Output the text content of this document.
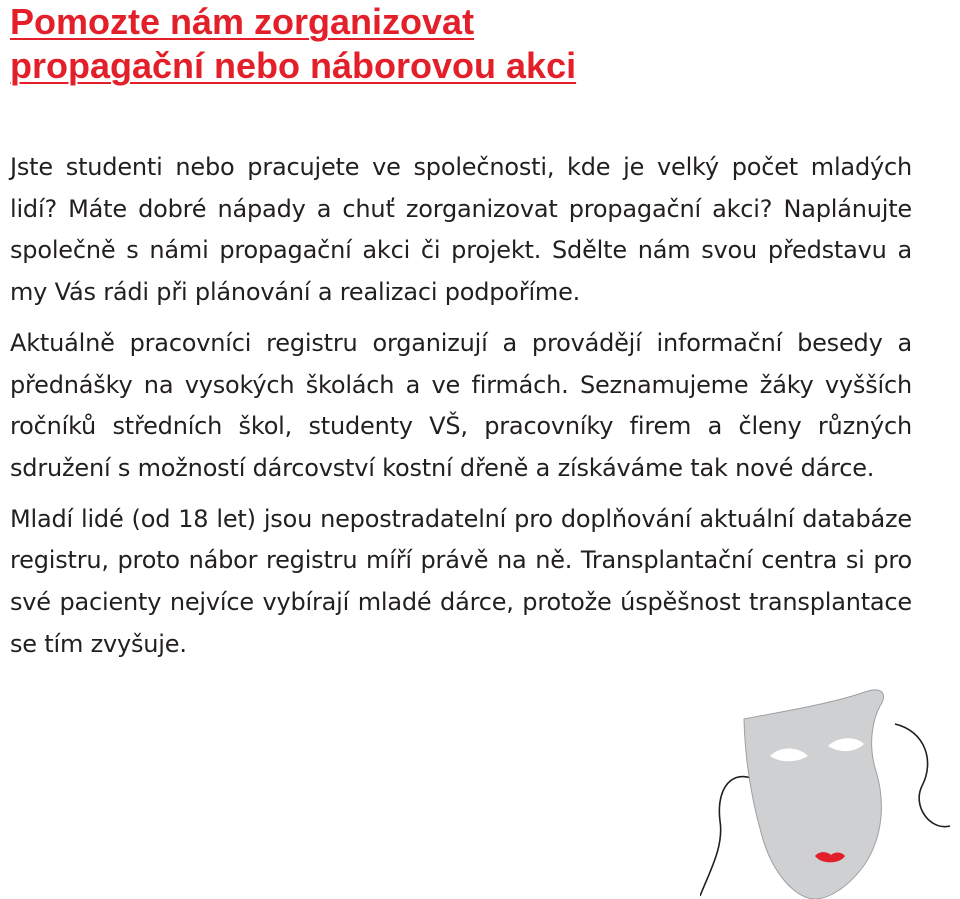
Pomozte nám zorganizovat
propagační nebo náborovou akci

Jste studenti nebo pracujete ve společnosti, kde je velký počet mladých lidí? Máte dobré nápady a chuť zorganizovat propagační akci? Naplánujte společně s námi propagační akci či projekt. Sdělte nám svou představu a my Vás rádi při plánování a realizaci podpoříme.

Aktuálně pracovníci registru organizují a provádějí informační besedy a přednášky na vysokých školách a ve firmách. Seznamujeme žáky vyšších ročníků středních škol, studenty VŠ, pracovníky firem a členy různých sdružení s možností dárcovství kostní dřeně a získáváme tak nové dárce.

Mladí lidé (od 18 let) jsou nepostradatelní pro doplňování aktuální databáze registru, proto nábor registru míří právě na ně. Transplantační centra si pro své pacienty nejvíce vybírají mladé dárce, protože úspěšnost transplantace se tím zvyšuje.
